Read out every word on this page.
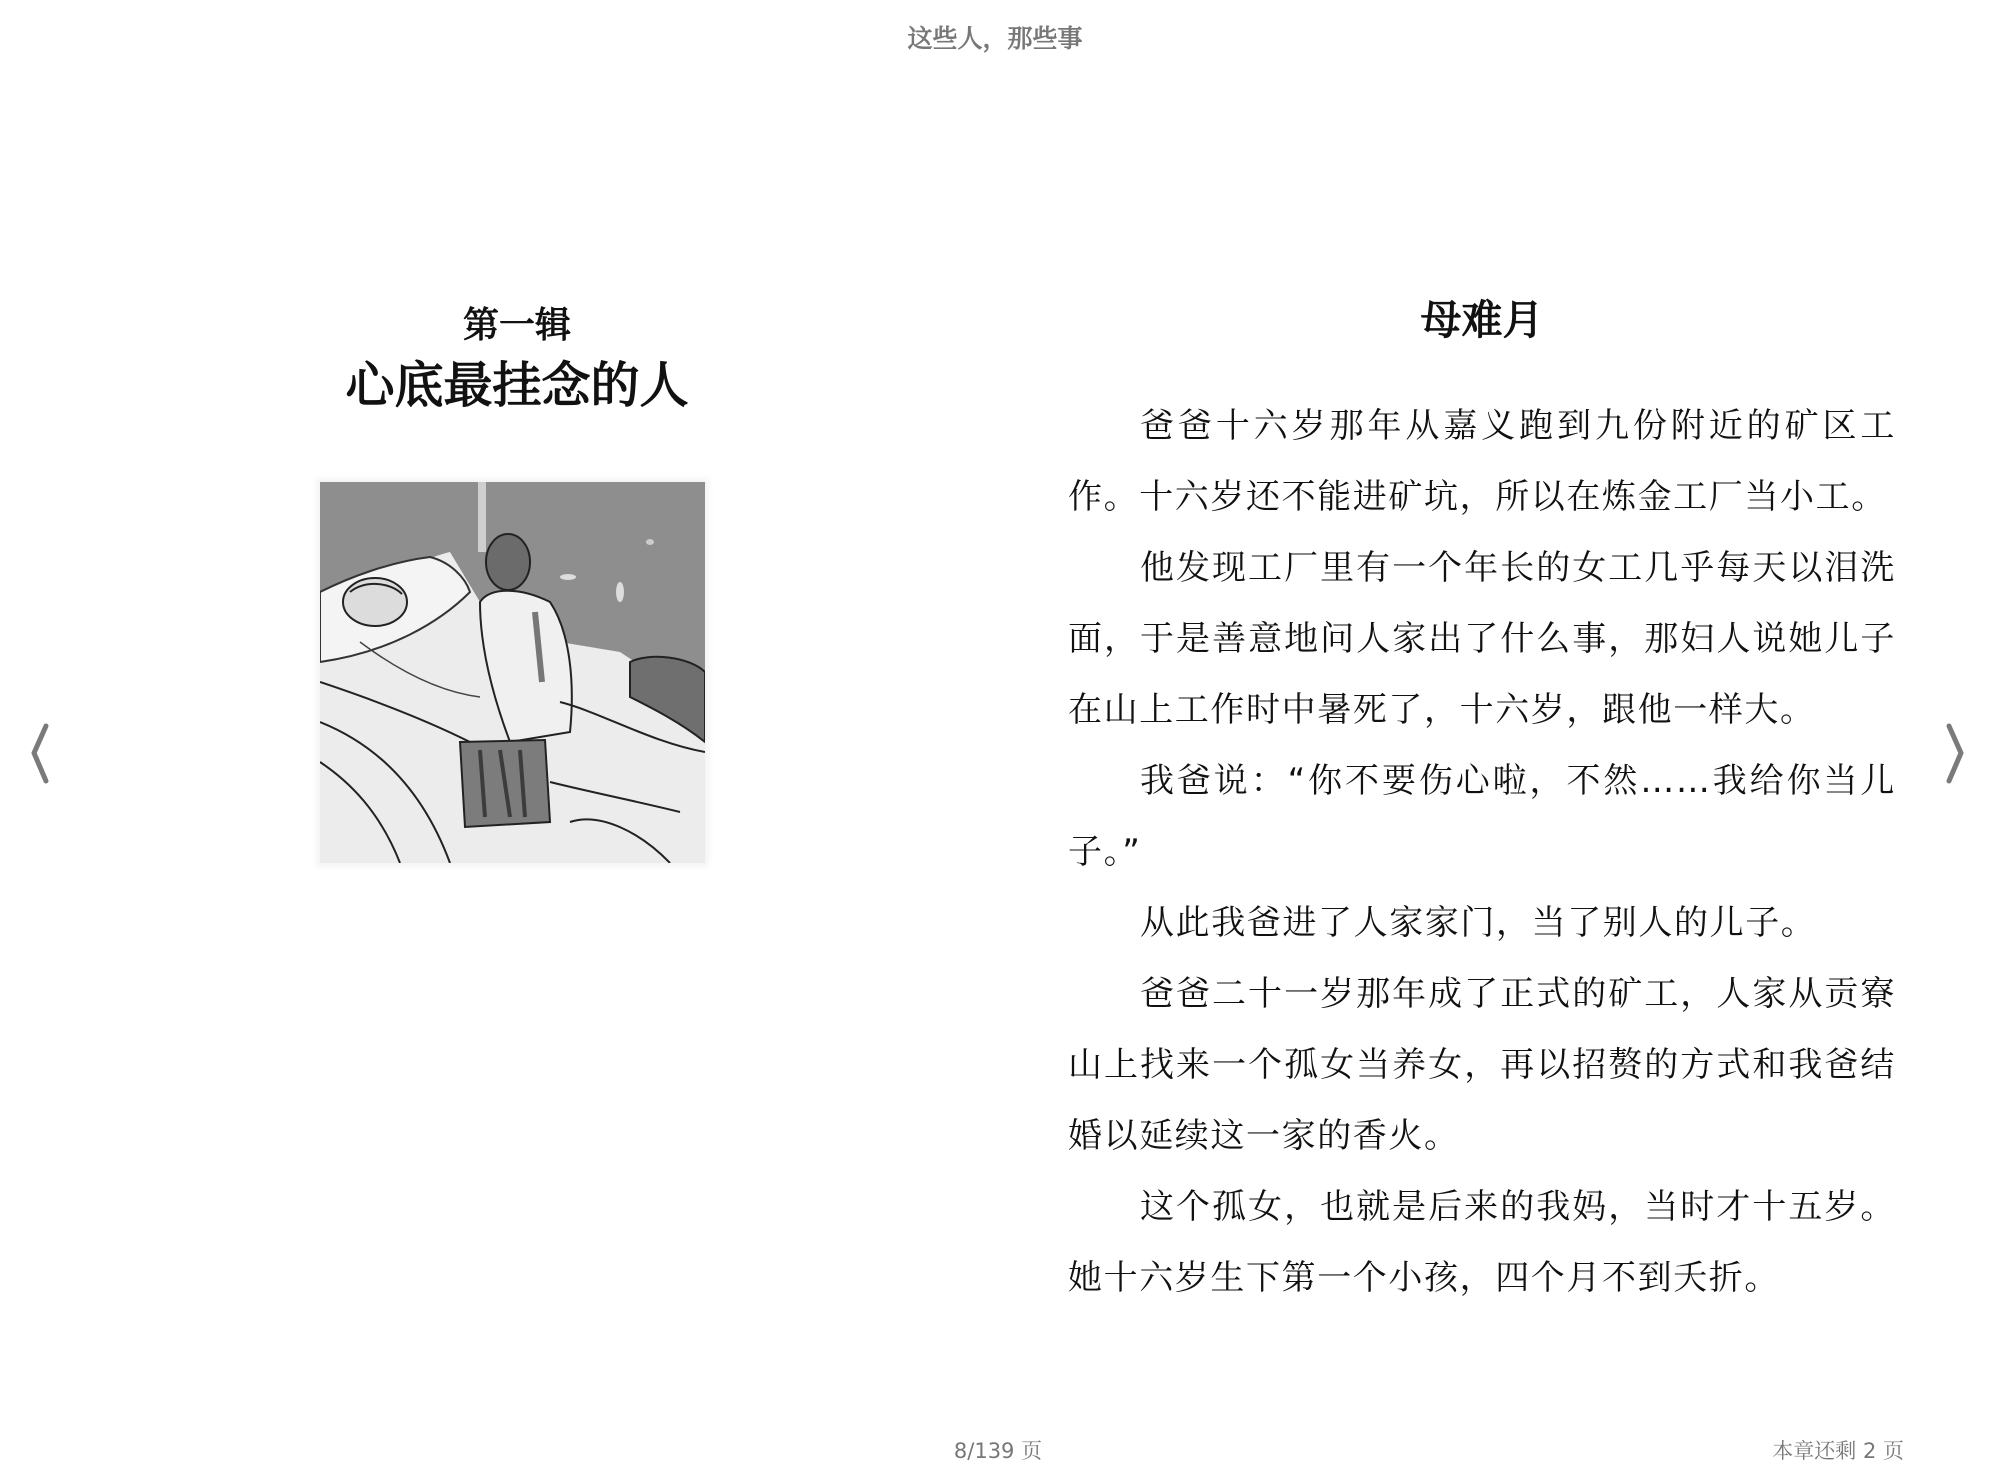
这些人，那些事
第一辑
心底最挂念的人
母难月

爸爸十六岁那年从嘉义跑到九份附近的矿区工作。十六岁还不能进矿坑，所以在炼金工厂当小工。

他发现工厂里有一个年长的女工几乎每天以泪洗面，于是善意地问人家出了什么事，那妇人说她儿子在山上工作时中暑死了，十六岁，跟他一样大。

我爸说：“你不要伤心啦，不然……我给你当儿子。”

从此我爸进了人家家门，当了别人的儿子。

爸爸二十一岁那年成了正式的矿工，人家从贡寮山上找来一个孤女当养女，再以招赘的方式和我爸结婚以延续这一家的香火。

这个孤女，也就是后来的我妈，当时才十五岁。她十六岁生下第一个小孩，四个月不到夭折。

8/139 页	本章还剩 2 页
